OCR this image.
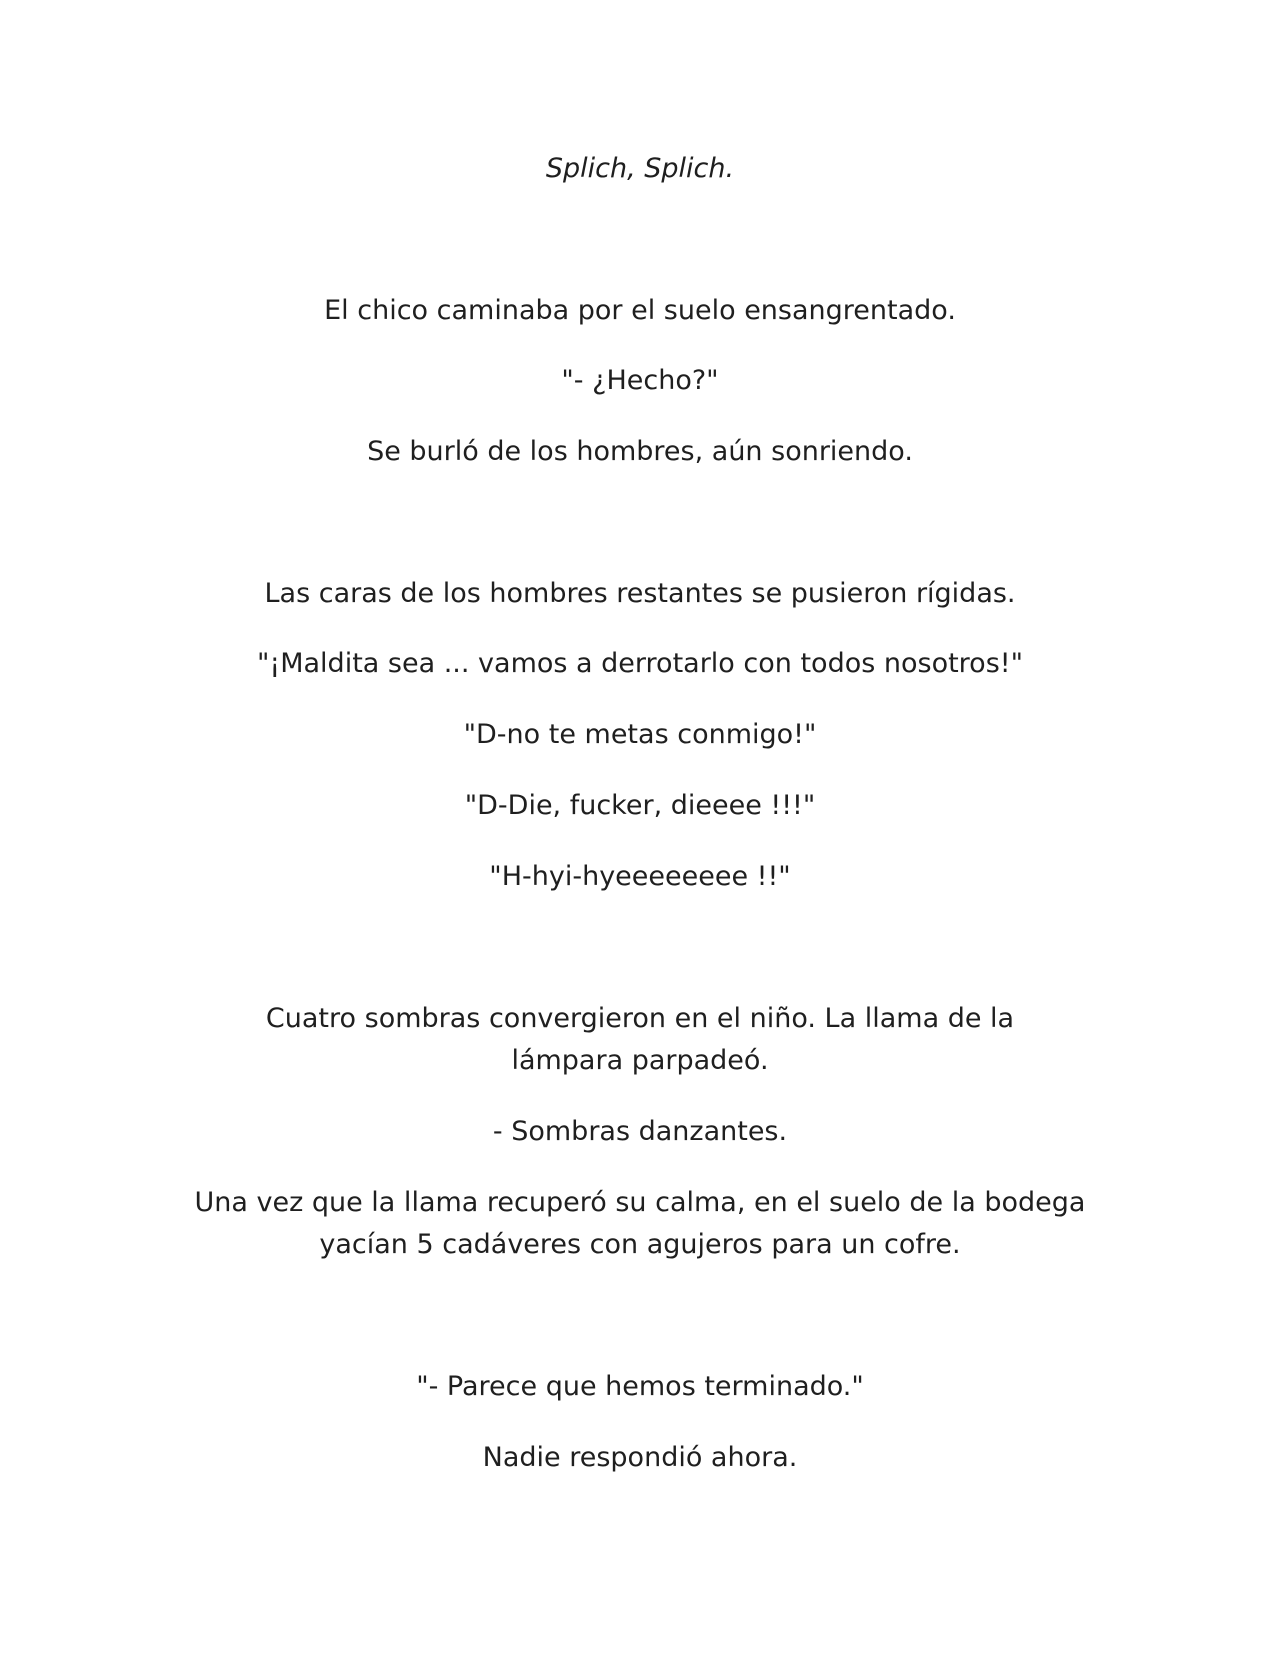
Splich, Splich.
El chico caminaba por el suelo ensangrentado.
"- ¿Hecho?"
Se burló de los hombres, aún sonriendo.
Las caras de los hombres restantes se pusieron rígidas.
"¡Maldita sea ... vamos a derrotarlo con todos nosotros!"
"D-no te metas conmigo!"
"D-Die, fucker, dieeee !!!"
"H-hyi-hyeeeeeeee !!"
Cuatro sombras convergieron en el niño. La llama de la lámpara parpadeó.
- Sombras danzantes.
Una vez que la llama recuperó su calma, en el suelo de la bodega yacían 5 cadáveres con agujeros para un cofre.
"- Parece que hemos terminado."
Nadie respondió ahora.
